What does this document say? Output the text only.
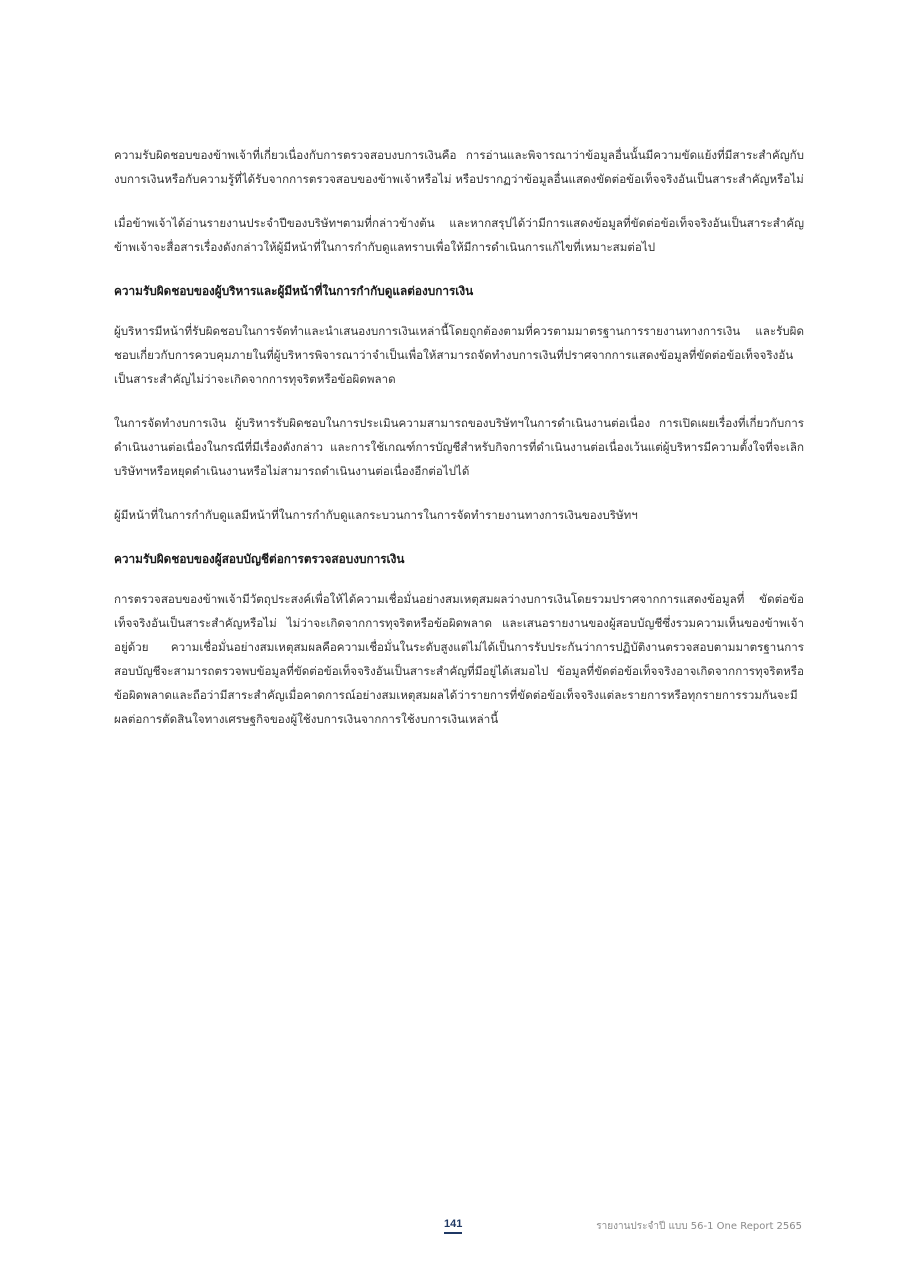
ความรับผิดชอบของข้าพเจ้าที่เกี่ยวเนื่องกับการตรวจสอบงบการเงินคือ การอ่านและพิจารณาว่าข้อมูลอื่นนั้นมีความขัดแย้งที่มีสาระสำคัญกับงบการเงินหรือกับความรู้ที่ได้รับจากการตรวจสอบของข้าพเจ้าหรือไม่ หรือปรากฏว่าข้อมูลอื่นแสดงขัดต่อข้อเท็จจริงอันเป็นสาระสำคัญหรือไม่

เมื่อข้าพเจ้าได้อ่านรายงานประจำปีของบริษัทฯตามที่กล่าวข้างต้น และหากสรุปได้ว่ามีการแสดงข้อมูลที่ขัดต่อข้อเท็จจริงอันเป็นสาระสำคัญ ข้าพเจ้าจะสื่อสารเรื่องดังกล่าวให้ผู้มีหน้าที่ในการกำกับดูแลทราบเพื่อให้มีการดำเนินการแก้ไขที่เหมาะสมต่อไป

ความรับผิดชอบของผู้บริหารและผู้มีหน้าที่ในการกำกับดูแลต่องบการเงิน

ผู้บริหารมีหน้าที่รับผิดชอบในการจัดทำและนำเสนองบการเงินเหล่านี้โดยถูกต้องตามที่ควรตามมาตรฐานการรายงานทางการเงิน และรับผิดชอบเกี่ยวกับการควบคุมภายในที่ผู้บริหารพิจารณาว่าจำเป็นเพื่อให้สามารถจัดทำงบการเงินที่ปราศจากการแสดงข้อมูลที่ขัดต่อข้อเท็จจริงอันเป็นสาระสำคัญไม่ว่าจะเกิดจากการทุจริตหรือข้อผิดพลาด

ในการจัดทำงบการเงิน ผู้บริหารรับผิดชอบในการประเมินความสามารถของบริษัทฯในการดำเนินงานต่อเนื่อง การเปิดเผยเรื่องที่เกี่ยวกับการดำเนินงานต่อเนื่องในกรณีที่มีเรื่องดังกล่าว และการใช้เกณฑ์การบัญชีสำหรับกิจการที่ดำเนินงานต่อเนื่องเว้นแต่ผู้บริหารมีความตั้งใจที่จะเลิกบริษัทฯหรือหยุดดำเนินงานหรือไม่สามารถดำเนินงานต่อเนื่องอีกต่อไปได้

ผู้มีหน้าที่ในการกำกับดูแลมีหน้าที่ในการกำกับดูแลกระบวนการในการจัดทำรายงานทางการเงินของบริษัทฯ

ความรับผิดชอบของผู้สอบบัญชีต่อการตรวจสอบงบการเงิน

การตรวจสอบของข้าพเจ้ามีวัตถุประสงค์เพื่อให้ได้ความเชื่อมั่นอย่างสมเหตุสมผลว่างบการเงินโดยรวมปราศจากการแสดงข้อมูลที่ ขัดต่อข้อเท็จจริงอันเป็นสาระสำคัญหรือไม่ ไม่ว่าจะเกิดจากการทุจริตหรือข้อผิดพลาด และเสนอรายงานของผู้สอบบัญชีซึ่งรวมความเห็นของข้าพเจ้าอยู่ด้วย ความเชื่อมั่นอย่างสมเหตุสมผลคือความเชื่อมั่นในระดับสูงแต่ไม่ได้เป็นการรับประกันว่าการปฏิบัติงานตรวจสอบตามมาตรฐานการสอบบัญชีจะสามารถตรวจพบข้อมูลที่ขัดต่อข้อเท็จจริงอันเป็นสาระสำคัญที่มีอยู่ได้เสมอไป ข้อมูลที่ขัดต่อข้อเท็จจริงอาจเกิดจากการทุจริตหรือข้อผิดพลาดและถือว่ามีสาระสำคัญเมื่อคาดการณ์อย่างสมเหตุสมผลได้ว่ารายการที่ขัดต่อข้อเท็จจริงแต่ละรายการหรือทุกรายการรวมกันจะมีผลต่อการตัดสินใจทางเศรษฐกิจของผู้ใช้งบการเงินจากการใช้งบการเงินเหล่านี้

141	รายงานประจำปี แบบ 56-1 One Report 2565
